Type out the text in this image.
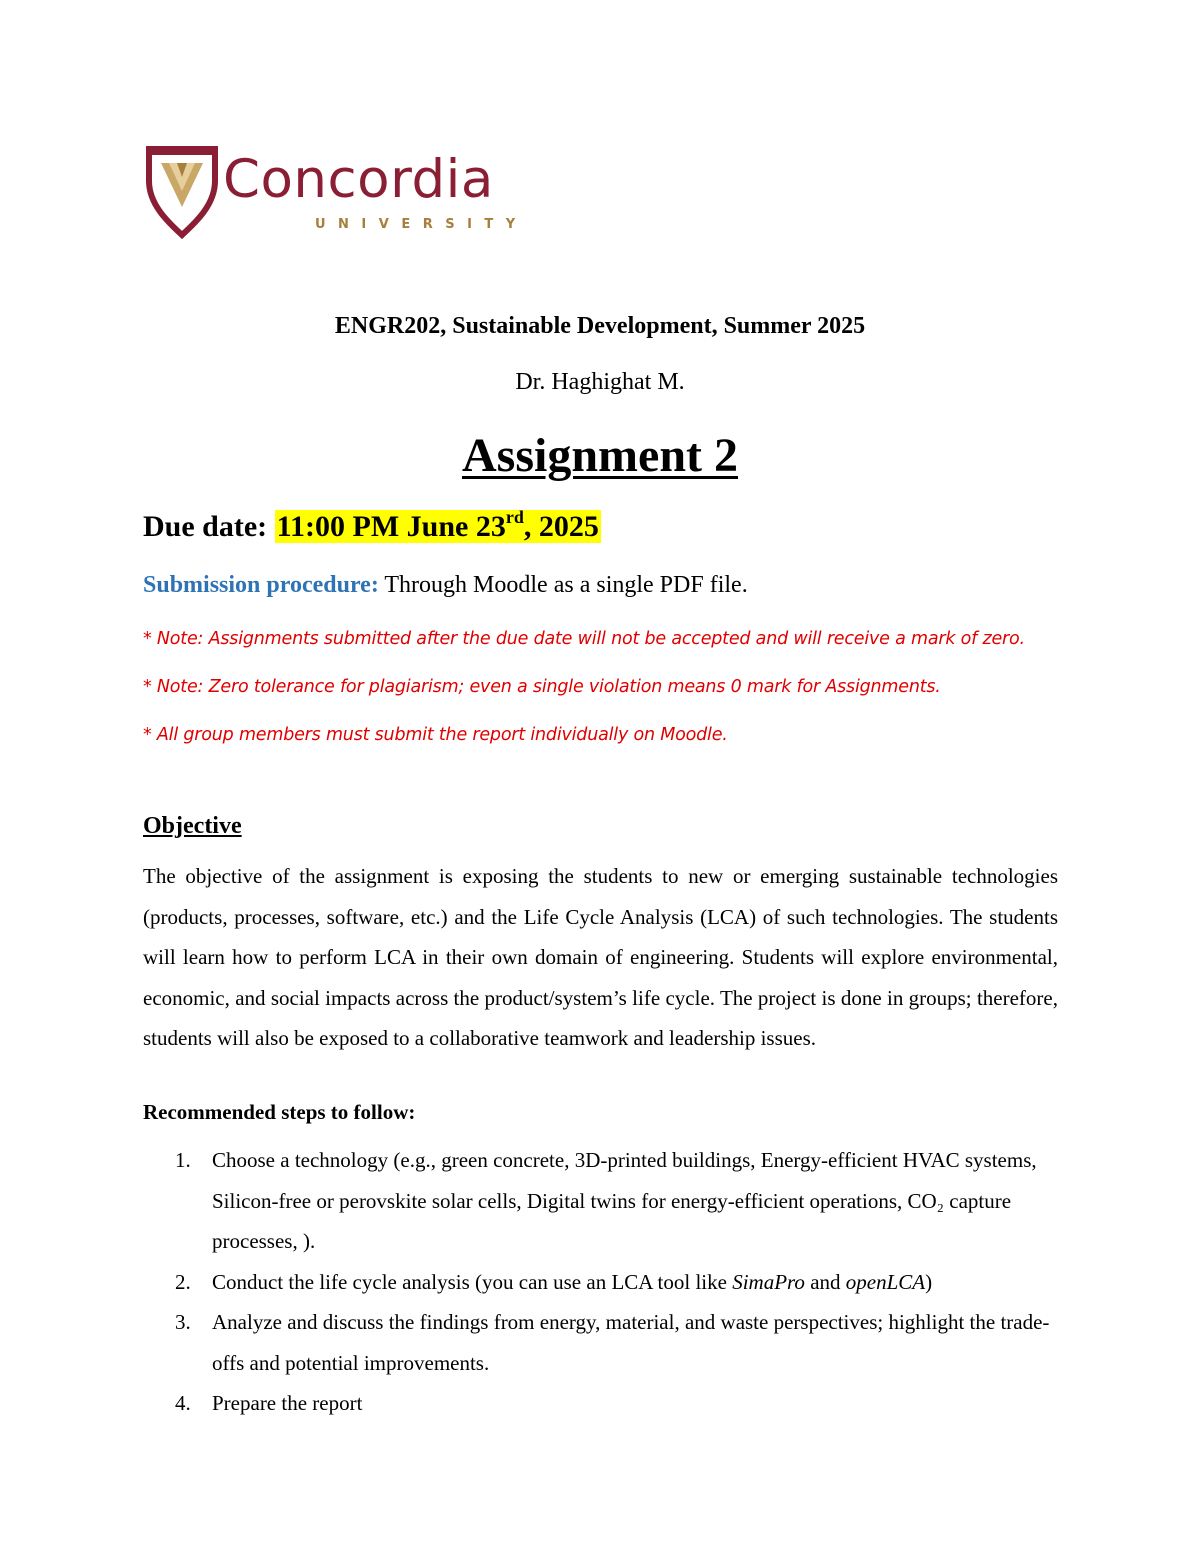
Concordia
UNIVERSITY
ENGR202, Sustainable Development, Summer 2025
Dr. Haghighat M.
Assignment 2
Due date: 11:00 PM June 23rd, 2025
Submission procedure: Through Moodle as a single PDF file.
* Note: Assignments submitted after the due date will not be accepted and will receive a mark of zero.
* Note: Zero tolerance for plagiarism; even a single violation means 0 mark for Assignments.
* All group members must submit the report individually on Moodle.
Objective
The objective of the assignment is exposing the students to new or emerging sustainable technologies (products, processes, software, etc.) and the Life Cycle Analysis (LCA) of such technologies. The students will learn how to perform LCA in their own domain of engineering. Students will explore environmental, economic, and social impacts across the product/system’s life cycle. The project is done in groups; therefore, students will also be exposed to a collaborative teamwork and leadership issues.
Recommended steps to follow:
1. Choose a technology (e.g., green concrete, 3D-printed buildings, Energy-efficient HVAC systems, Silicon-free or perovskite solar cells, Digital twins for energy-efficient operations, CO₂ capture processes, ).
2. Conduct the life cycle analysis (you can use an LCA tool like SimaPro and openLCA)
3. Analyze and discuss the findings from energy, material, and waste perspectives; highlight the trade-offs and potential improvements.
4. Prepare the report
